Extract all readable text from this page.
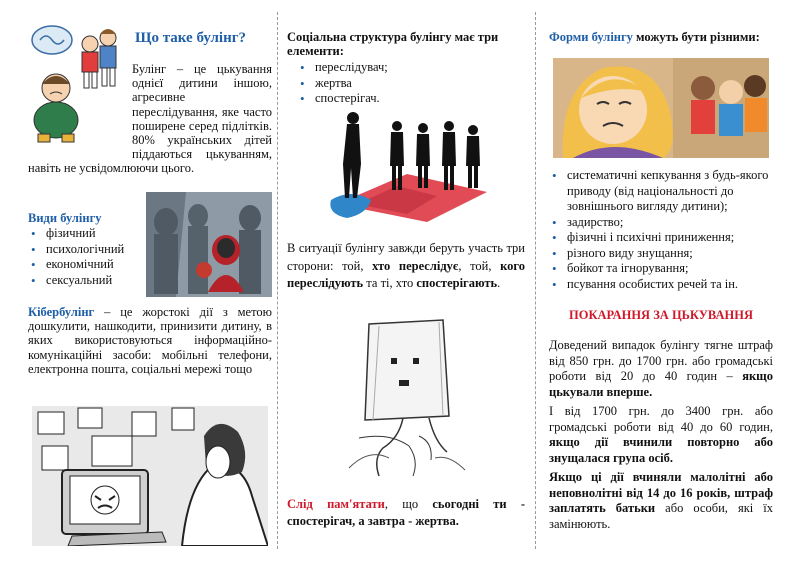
Що таке булінг?

Булінг – це цькування однієї дитини іншою, агресивне переслідування, яке часто поширене серед підлітків. 80% українських дітей піддаються цькуванням, навіть не усвідомлюючи цього.

Види булінгу
• фізичний
• психологічний
• економічний
• сексуальний

Кібербулінг – це жорстокі дії з метою дошкулити, нашкодити, принизити дитину, в яких використовуються інформаційно-комунікаційні засоби: мобільні телефони, електронна пошта, соціальні мережі тощо

Соціальна структура булінгу має три елементи:

• переслідувач;
• жертва
• спостерігач.

В ситуації булінгу завжди беруть участь три сторони: той, хто переслідує, той, кого переслідують та ті, хто спостерігають.

Слід пам'ятати, що сьогодні ти - спостерігач, а завтра - жертва.

Форми булінгу можуть бути різними:

• систематичні кепкування з будь-якого приводу (від національності до зовнішнього вигляду дитини);
• задирство;
• фізичні і психічні приниження;
• різного виду знущання;
• бойкот та ігнорування;
• псування особистих речей та ін.
ПОКАРАННЯ ЗА ЦЬКУВАННЯ

Доведений випадок булінгу тягне штраф від 850 грн. до 1700 грн. або громадські роботи від 20 до 40 годин – якщо цькували вперше.

І від 1700 грн. до 3400 грн. або громадські роботи від 40 до 60 годин, якщо дії вчинили повторно або знущалася група осіб.

Якщо ці дії вчиняли малолітні або неповнолітні від 14 до 16 років, штраф заплатять батьки або особи, які їх замінюють.
